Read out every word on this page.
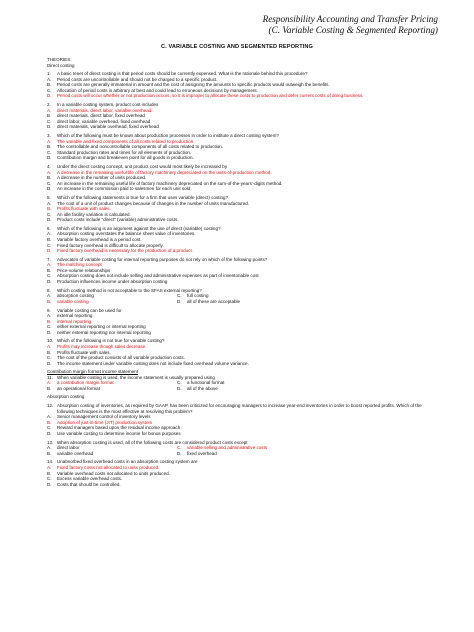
Responsibility Accounting and Transfer Pricing
(C. Variable Costing & Segmented Reporting)
C. VARIABLE COSTING AND SEGMENTED REPORTING
THEORIES:
Direct costing
1.	A basic tenet of direct costing is that period costs should be currently expensed. What is the rationale behind this procedure?
A.	Period costs are uncontrollable and should not be charged to a specific product.
B.	Period costs are generally immaterial in amount and the cost of assigning the amounts to specific products would outweigh the benefits.
C.	Allocation of period costs is arbitrary at best and could lead to erroneous decisions by management.
D.	Period costs will occur whether or not production occurs, so it is improper to allocate these costs to production and defer current costs of doing business.
2.	In a variable costing system, product cost includes
A.	direct materials, direct labor, variable overhead
B.	direct materials, direct labor, fixed overhead
C.	direct labor, variable overhead, fixed overhead
D.	direct materials, variable overhead, fixed overhead
3.	Which of the following must be known about production processes in order to institute a direct costing system?
A.	The variable and fixed components of all costs related to production.
B.	The controllable and noncontrollable components of all costs related to production.
C.	Standard production rates and times for all elements of production.
D.	Contribution margin and breakeven point for all goods in production.
4.	Under the direct costing concept, unit product cost would most likely be increased by
A.	A decrease in the remaining useful life of factory machinery depreciated on the units-of-production method.
B.	A decrease in the number of units produced.
C.	An increase in the remaining useful life of factory machinery depreciated on the sum-of-the-years'-digits method.
D.	An increase in the commission paid to salesmen for each unit sold.
5.	Which of the following statements is true for a firm that uses variable (direct) costing?
A.	The cost of a unit of product changes because of changes in the number of units manufactured.
B.	Profits fluctuate with sales.
C.	An idle facility variation is calculated.
D.	Product costs include "direct" (variable) administrative costs.
6.	Which of the following is an argument against the use of direct (variable) costing?
A.	Absorption costing overstates the balance sheet value of inventories.
B.	Variable factory overhead is a period cost.
C.	Fixed factory overhead is difficult to allocate properly.
D.	Fixed factory overhead is necessary for the production of a product.
7.	Advocates of variable costing for internal reporting purposes do not rely on which of the following points?
A.	The matching concept
B.	Price-volume relationships
C.	Absorption costing does not include selling and administrative expenses as part of inventoriable cost
D.	Production influences income under absorption costing
8.	Which costing method is not acceptable to the SFAS external reporting?
A.	absorption costing	C.	full costing
B.	variable costing	D.	all of these are acceptable
9.	Variable costing can be used for
A.	external reporting
B.	internal reporting
C.	either external reporting or internal reporting
D.	neither external reporting nor internal reporting
10. Which of the following is not true for variable costing?
A.	Profits may increase though sales decrease.
B.	Profits fluctuate with sales.
C.	The cost of the product consists of all variable production costs.
D.	The income statement under variable costing does not include fixed overhead volume variance.
Contribution margin format income statement
11. When variable costing is used, the income statement is usually prepared using
A.	a contribution margin format	C.	a functional format
B.	an operational format	D.	all of the above
Absorption costing
12. Absorption costing of inventories, as required by GAAP, has been criticized for encouraging managers to increase year-end inventories in order to boost reported profits. Which of the following techniques is the most effective at resolving this problem?
A.	Senior management control of inventory levels
B.	Adoption of just-in-time (JIT) production system
C.	Reward managers based upon the residual income approach
D.	Use variable costing to determine income for bonus purposes
13. When absorption costing is used, all of the following costs are considered product costs except
A.	direct labor	C.	variable selling and administrative costs
B.	variable overhead	D.	fixed overhead
14. Unabsorbed fixed overhead costs in an absorption costing system are
A.	Fixed factory costs not allocated to units produced.
B.	Variable overhead costs not allocated to units produced.
C.	Excess variable overhead costs.
D.	Costs that should be controlled.
